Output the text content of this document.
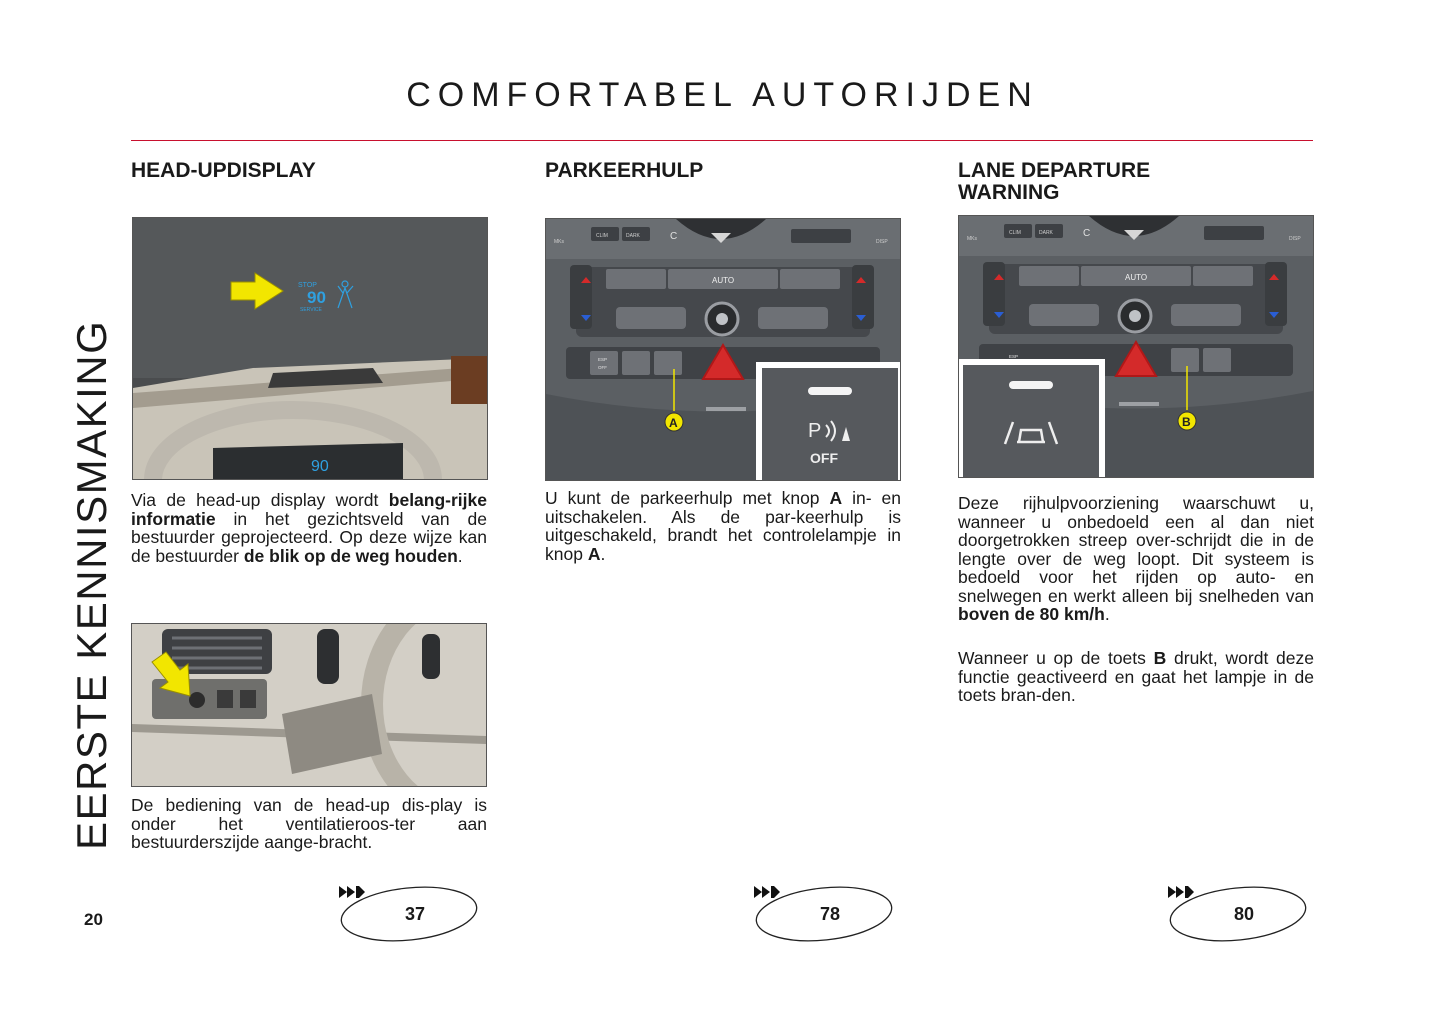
COMFORTABEL AUTORIJDEN
EERSTE KENNISMAKING
HEAD-UPDISPLAY
90
STOP
90
SERVICE
Via de head-up display wordt belang-rijke informatie in het gezichtsveld van de bestuurder geprojecteerd. Op deze wijze kan de bestuurder de blik op de weg houden.
De bediening van de head-up dis-play is onder het ventilatieroos-ter aan bestuurderszijde aange-bracht.
PARKEERHULP
CLIM	DARK	C
MKs	DISP
AUTO
ESP
OFF
A	P
OFF
U kunt de parkeerhulp met knop A in- en uitschakelen. Als de par-keerhulp is uitgeschakeld, brandt het controlelampje in knop A.
LANE DEPARTURE
WARNING
CLIM	DARK	C
MKs	DISP
AUTO
ESP
B
Deze rijhulpvoorziening waarschuwt u, wanneer u onbedoeld een al dan niet doorgetrokken streep over-schrijdt die in de lengte over de weg loopt. Dit systeem is bedoeld voor het rijden op auto- en snelwegen en werkt alleen bij snelheden van boven de 80 km/h.
Wanneer u op de toets B drukt, wordt deze functie geactiveerd en gaat het lampje in de toets bran-den.
20	37	78	80
